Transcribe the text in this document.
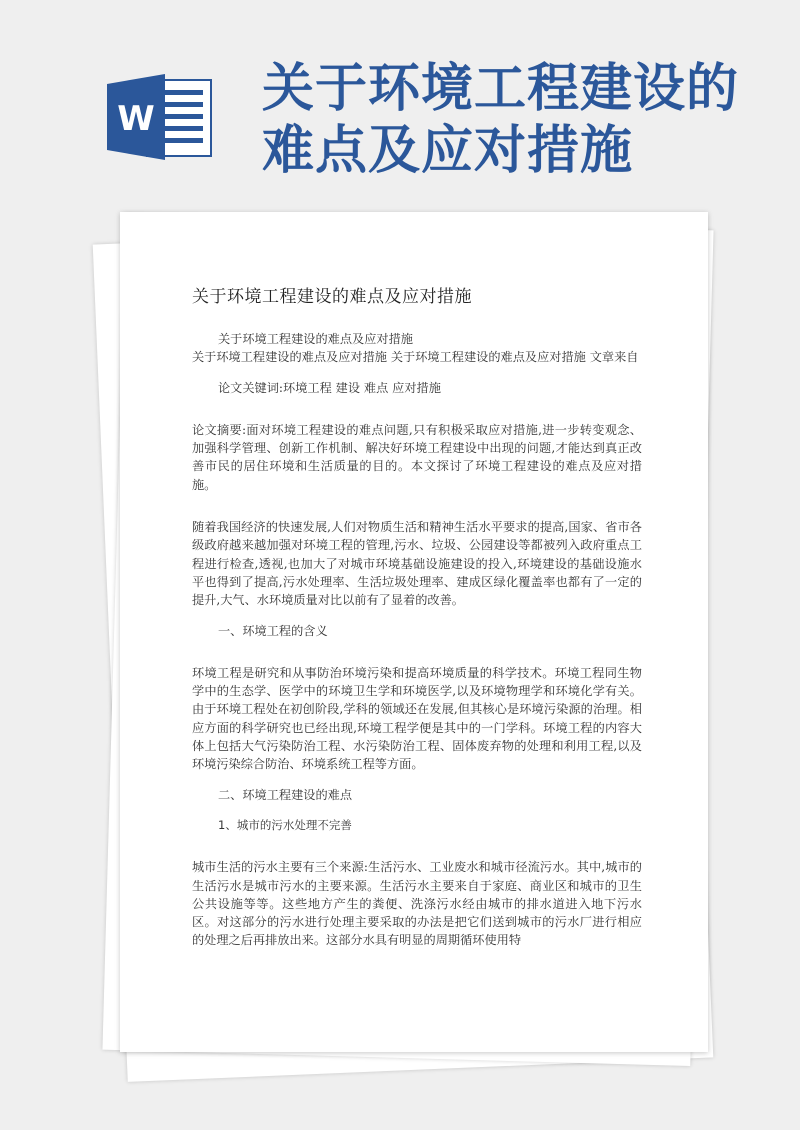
W 关于环境工程建设的难点及应对措施
关于环境工程建设的难点及应对措施

关于环境工程建设的难点及应对措施

关于环境工程建设的难点及应对措施 关于环境工程建设的难点及应对措施 文章来自

论文关键词:环境工程 建设 难点 应对措施

论文摘要:面对环境工程建设的难点问题,只有积极采取应对措施,进一步转变观念、加强科学管理、创新工作机制、解决好环境工程建设中出现的问题,才能达到真正改善市民的居住环境和生活质量的目的。本文探讨了环境工程建设的难点及应对措施。

随着我国经济的快速发展,人们对物质生活和精神生活水平要求的提高,国家、省市各级政府越来越加强对环境工程的管理,污水、垃圾、公园建设等都被列入政府重点工程进行检查,透视,也加大了对城市环境基础设施建设的投入,环境建设的基础设施水平也得到了提高,污水处理率、生活垃圾处理率、建成区绿化覆盖率也都有了一定的提升,大气、水环境质量对比以前有了显着的改善。

一、环境工程的含义

环境工程是研究和从事防治环境污染和提高环境质量的科学技术。环境工程同生物学中的生态学、医学中的环境卫生学和环境医学,以及环境物理学和环境化学有关。由于环境工程处在初创阶段,学科的领域还在发展,但其核心是环境污染源的治理。相应方面的科学研究也已经出现,环境工程学便是其中的一门学科。环境工程的内容大体上包括大气污染防治工程、水污染防治工程、固体废弃物的处理和利用工程,以及环境污染综合防治、环境系统工程等方面。

二、环境工程建设的难点

1、城市的污水处理不完善

城市生活的污水主要有三个来源:生活污水、工业废水和城市径流污水。其中,城市的生活污水是城市污水的主要来源。生活污水主要来自于家庭、商业区和城市的卫生公共设施等等。这些地方产生的粪便、洗涤污水经由城市的排水道进入地下污水区。对这部分的污水进行处理主要采取的办法是把它们送到城市的污水厂进行相应的处理之后再排放出来。这部分水具有明显的周期循环使用特
